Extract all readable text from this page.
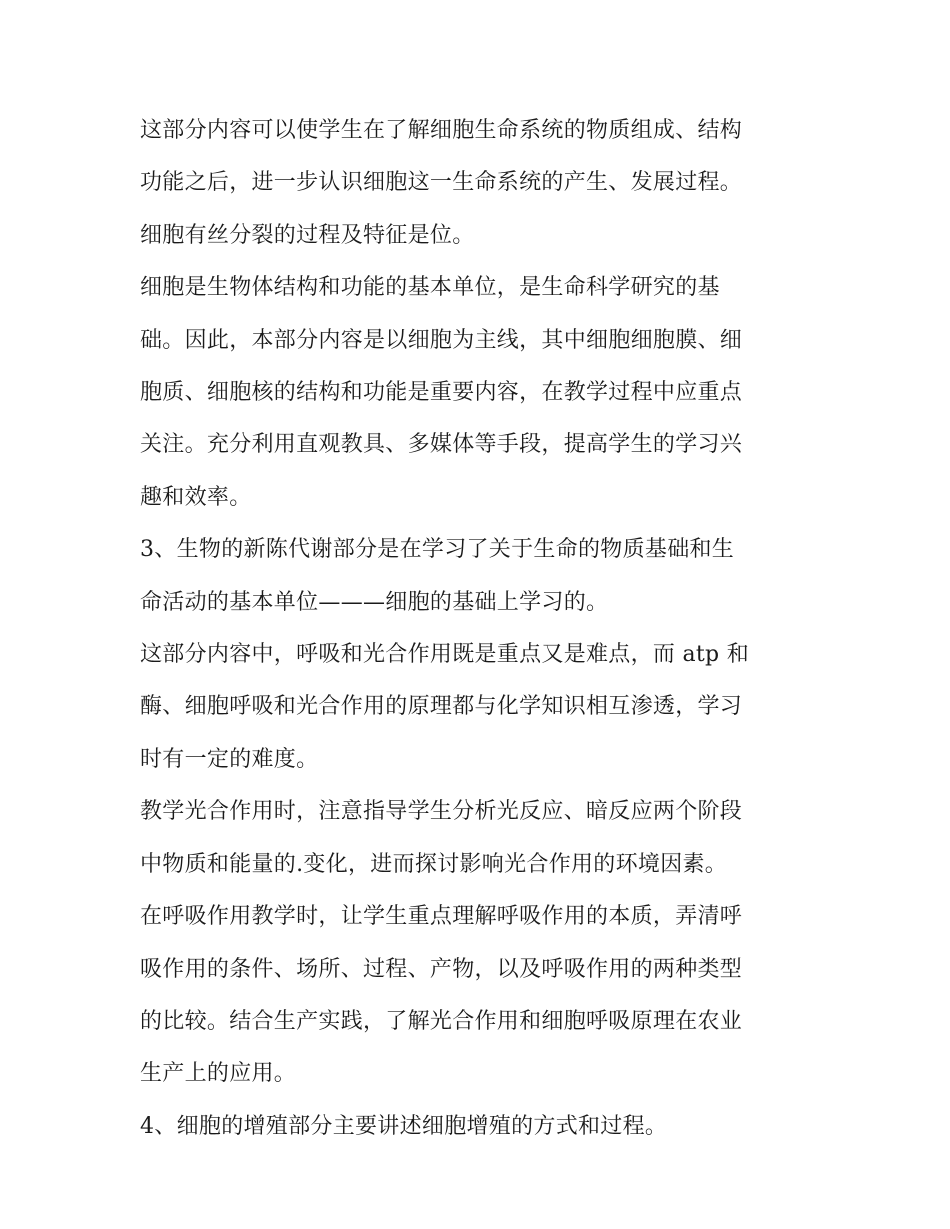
这部分内容可以使学生在了解细胞生命系统的物质组成、结构
功能之后，进一步认识细胞这一生命系统的产生、发展过程。

细胞有丝分裂的过程及特征是位。

细胞是生物体结构和功能的基本单位，是生命科学研究的基
础。因此，本部分内容是以细胞为主线，其中细胞细胞膜、细
胞质、细胞核的结构和功能是重要内容，在教学过程中应重点
关注。充分利用直观教具、多媒体等手段，提高学生的学习兴
趣和效率。

3、生物的新陈代谢部分是在学习了关于生命的物质基础和生
命活动的基本单位———细胞的基础上学习的。

这部分内容中，呼吸和光合作用既是重点又是难点，而 atp 和
酶、细胞呼吸和光合作用的原理都与化学知识相互渗透，学习
时有一定的难度。

教学光合作用时，注意指导学生分析光反应、暗反应两个阶段
中物质和能量的.变化，进而探讨影响光合作用的环境因素。

在呼吸作用教学时，让学生重点理解呼吸作用的本质，弄清呼
吸作用的条件、场所、过程、产物，以及呼吸作用的两种类型
的比较。结合生产实践，了解光合作用和细胞呼吸原理在农业
生产上的应用。

4、细胞的增殖部分主要讲述细胞增殖的方式和过程。
